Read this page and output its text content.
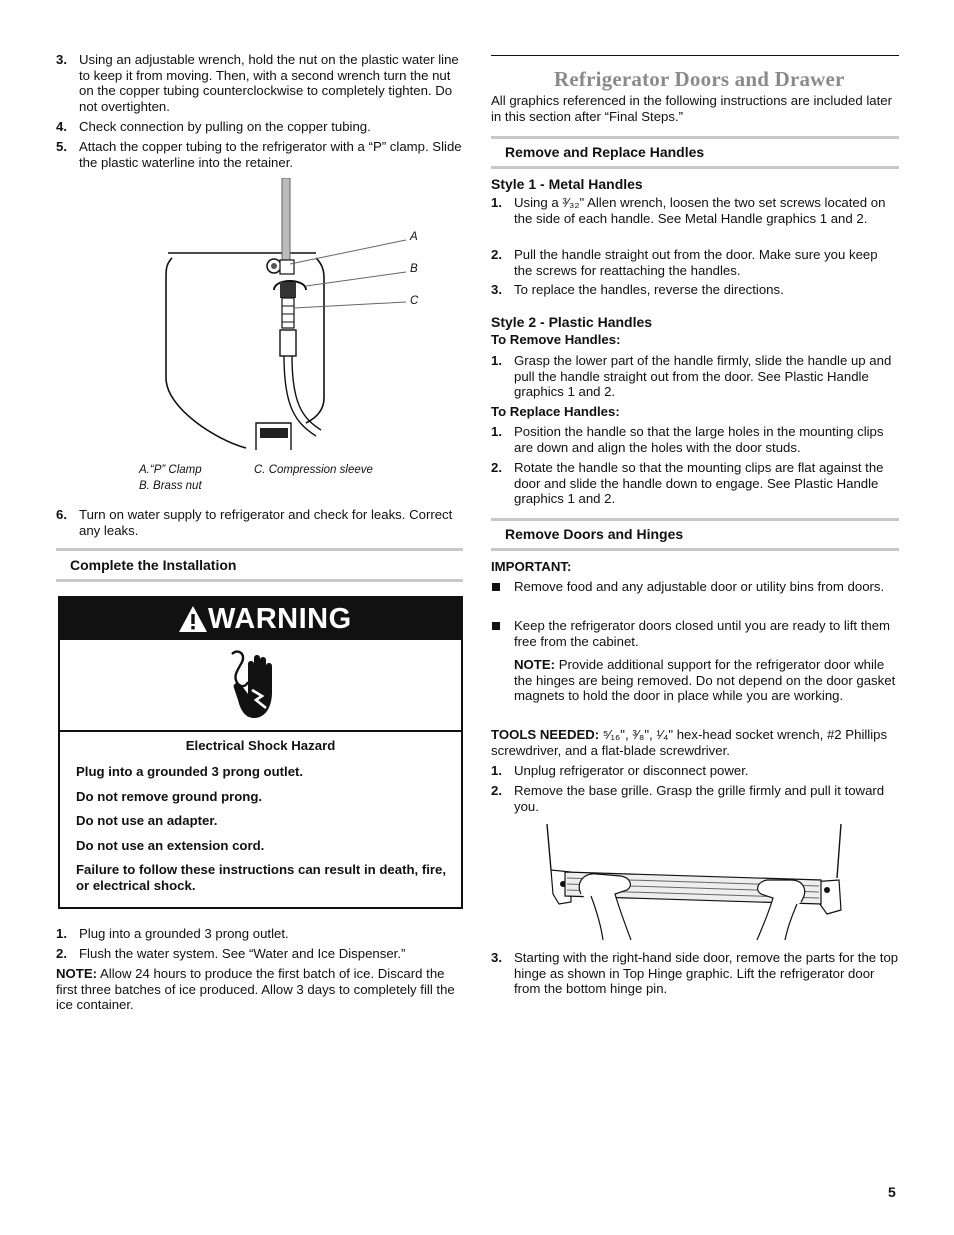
3. Using an adjustable wrench, hold the nut on the plastic water line to keep it from moving. Then, with a second wrench turn the nut on the copper tubing counterclockwise to completely tighten. Do not overtighten.
4. Check connection by pulling on the copper tubing.
5. Attach the copper tubing to the refrigerator with a “P” clamp. Slide the plastic waterline into the retainer.
A
B
C
A.“P” Clamp
B. Brass nut
C. Compression sleeve
6. Turn on water supply to refrigerator and check for leaks. Correct any leaks.
Complete the Installation
WARNING
Electrical Shock Hazard
Plug into a grounded 3 prong outlet.
Do not remove ground prong.
Do not use an adapter.
Do not use an extension cord.
Failure to follow these instructions can result in death, fire, or electrical shock.
1. Plug into a grounded 3 prong outlet.
2. Flush the water system. See “Water and Ice Dispenser.”
NOTE: Allow 24 hours to produce the first batch of ice. Discard the first three batches of ice produced. Allow 3 days to completely fill the ice container.
Refrigerator Doors and Drawer
All graphics referenced in the following instructions are included later in this section after “Final Steps.”
Remove and Replace Handles
Style 1 - Metal Handles
1. Using a ³⁄₃₂" Allen wrench, loosen the two set screws located on the side of each handle. See Metal Handle graphics 1 and 2.
2. Pull the handle straight out from the door. Make sure you keep the screws for reattaching the handles.
3. To replace the handles, reverse the directions.
Style 2 - Plastic Handles
To Remove Handles:
1. Grasp the lower part of the handle firmly, slide the handle up and pull the handle straight out from the door. See Plastic Handle graphics 1 and 2.
To Replace Handles:
1. Position the handle so that the large holes in the mounting clips are down and align the holes with the door studs.
2. Rotate the handle so that the mounting clips are flat against the door and slide the handle down to engage. See Plastic Handle graphics 1 and 2.
Remove Doors and Hinges
IMPORTANT:
Remove food and any adjustable door or utility bins from doors.
Keep the refrigerator doors closed until you are ready to lift them free from the cabinet.
NOTE: Provide additional support for the refrigerator door while the hinges are being removed. Do not depend on the door gasket magnets to hold the door in place while you are working.
TOOLS NEEDED: ⁵⁄₁₆", ³⁄₈", ¹⁄₄" hex-head socket wrench, #2 Phillips screwdriver, and a flat-blade screwdriver.
1. Unplug refrigerator or disconnect power.
2. Remove the base grille. Grasp the grille firmly and pull it toward you.
3. Starting with the right-hand side door, remove the parts for the top hinge as shown in Top Hinge graphic. Lift the refrigerator door from the bottom hinge pin.
5
